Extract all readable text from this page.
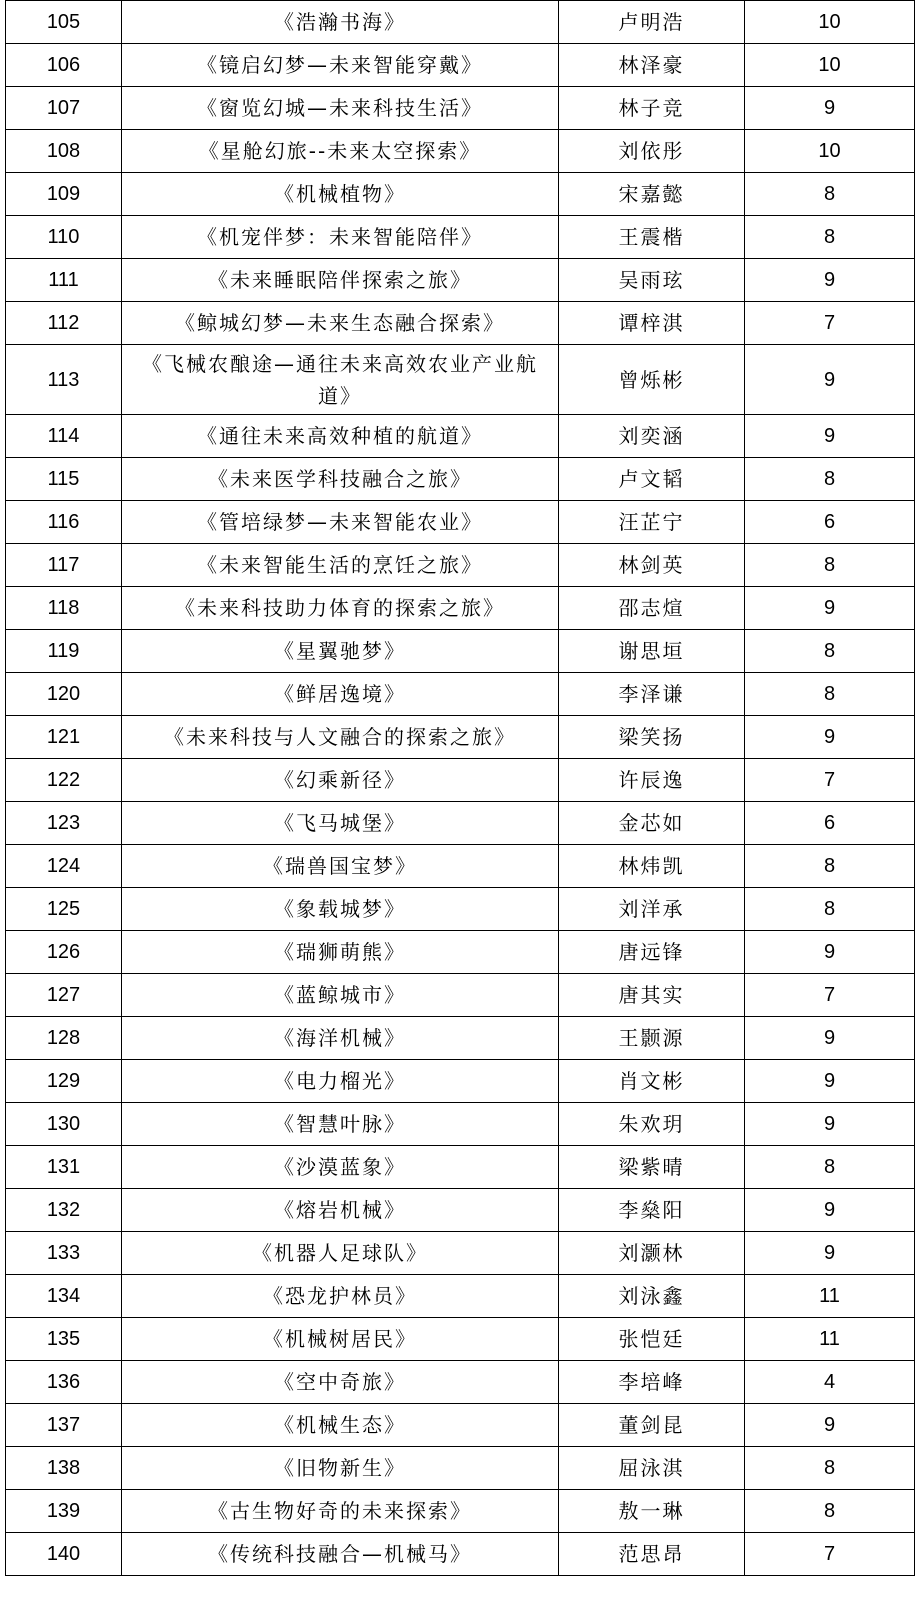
105	《浩瀚书海》	卢明浩	10
106	《镜启幻梦—未来智能穿戴》	林泽豪	10
107	《窗览幻城—未来科技生活》	林子竞	9
108	《星舱幻旅--未来太空探索》	刘依彤	10
109	《机械植物》	宋嘉懿	8
110	《机宠伴梦：未来智能陪伴》	王震楷	8
111	《未来睡眠陪伴探索之旅》	吴雨玹	9
112	《鲸城幻梦—未来生态融合探索》	谭梓淇	7
113	《飞械农酿途—通往未来高效农业产业航道》	曾烁彬	9
114	《通往未来高效种植的航道》	刘奕涵	9
115	《未来医学科技融合之旅》	卢文韬	8
116	《管培绿梦—未来智能农业》	汪芷宁	6
117	《未来智能生活的烹饪之旅》	林剑英	8
118	《未来科技助力体育的探索之旅》	邵志煊	9
119	《星翼驰梦》	谢思垣	8
120	《鲜居逸境》	李泽谦	8
121	《未来科技与人文融合的探索之旅》	梁笑扬	9
122	《幻乘新径》	许辰逸	7
123	《飞马城堡》	金芯如	6
124	《瑞兽国宝梦》	林炜凯	8
125	《象载城梦》	刘洋承	8
126	《瑞狮萌熊》	唐远锋	9
127	《蓝鲸城市》	唐其实	7
128	《海洋机械》	王颢源	9
129	《电力榴光》	肖文彬	9
130	《智慧叶脉》	朱欢玥	9
131	《沙漠蓝象》	梁紫晴	8
132	《熔岩机械》	李燊阳	9
133	《机器人足球队》	刘灏林	9
134	《恐龙护林员》	刘泳鑫	11
135	《机械树居民》	张恺廷	11
136	《空中奇旅》	李培峰	4
137	《机械生态》	董剑昆	9
138	《旧物新生》	屈泳淇	8
139	《古生物好奇的未来探索》	敖一琳	8
140	《传统科技融合—机械马》	范思昂	7
